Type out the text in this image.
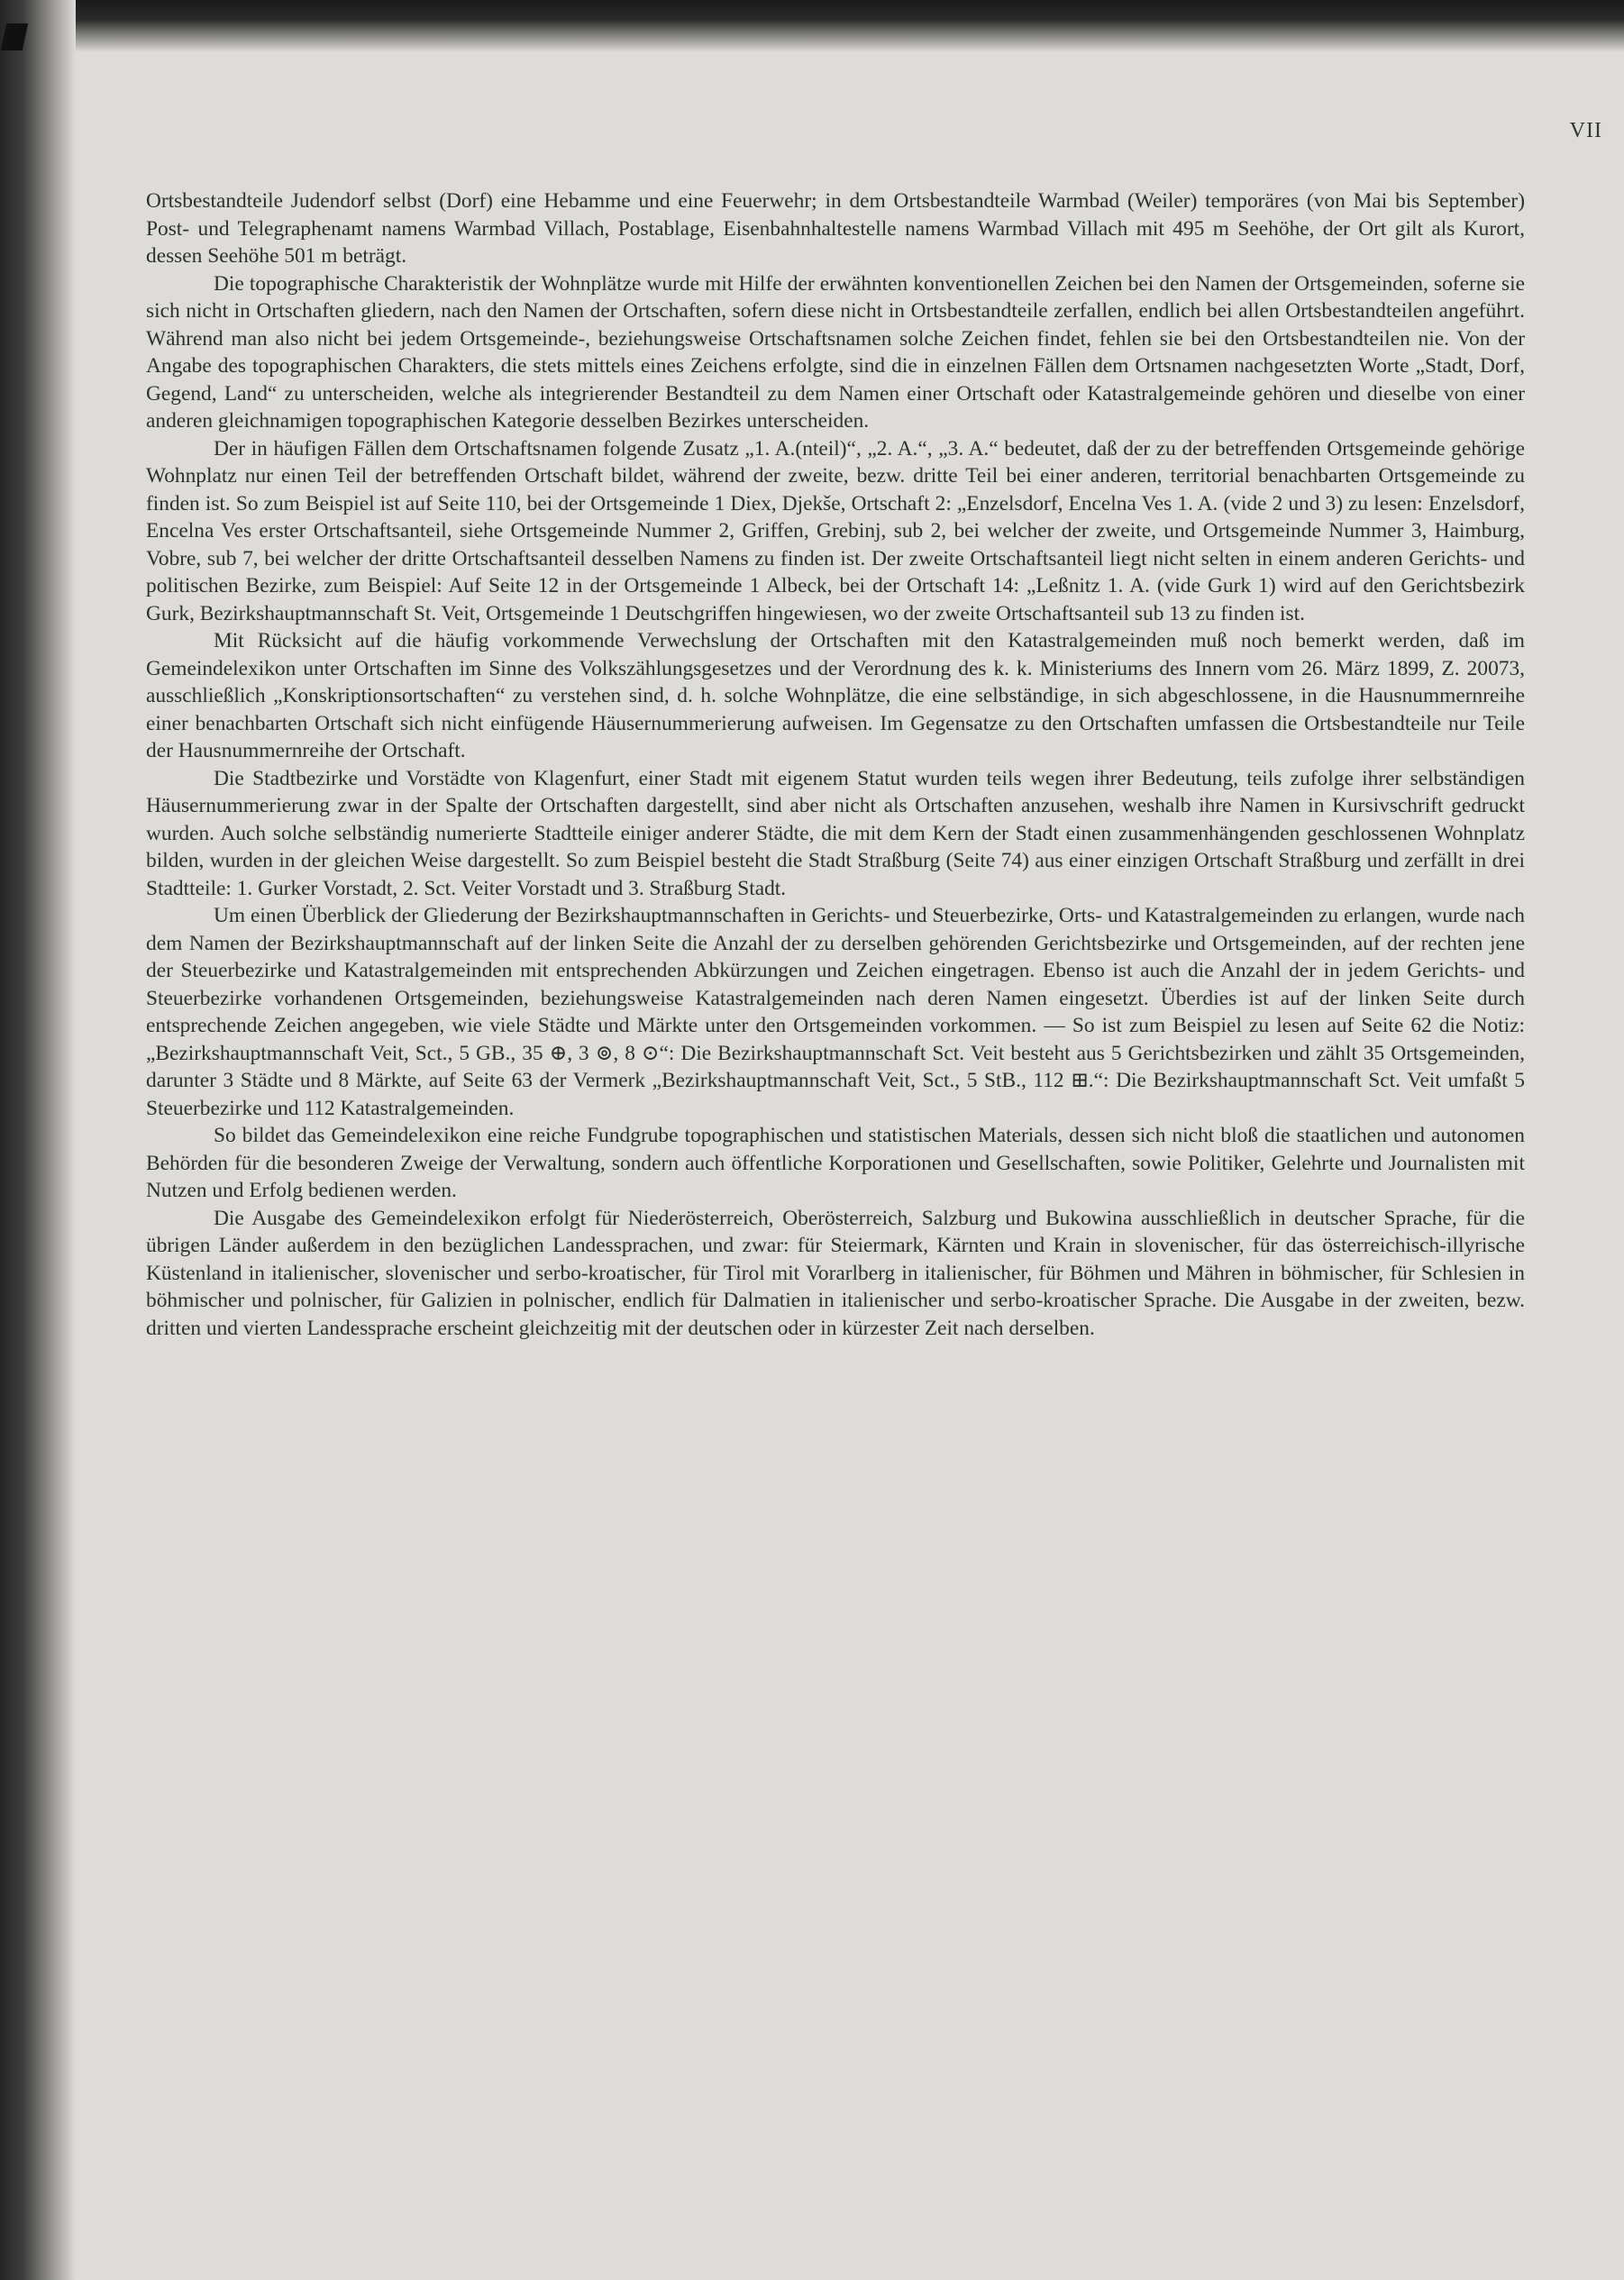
VII

Ortsbestandteile Judendorf selbst (Dorf) eine Hebamme und eine Feuerwehr; in dem Ortsbestandteile Warmbad (Weiler) temporäres (von Mai bis September) Post- und Telegraphenamt namens Warmbad Villach, Postablage, Eisenbahnhaltestelle namens Warmbad Villach mit 495 m Seehöhe, der Ort gilt als Kurort, dessen Seehöhe 501 m beträgt.

Die topographische Charakteristik der Wohnplätze wurde mit Hilfe der erwähnten konventionellen Zeichen bei den Namen der Ortsgemeinden, soferne sie sich nicht in Ortschaften gliedern, nach den Namen der Ortschaften, sofern diese nicht in Ortsbestandteile zerfallen, endlich bei allen Ortsbestandteilen angeführt. Während man also nicht bei jedem Ortsgemeinde-, beziehungsweise Ortschaftsnamen solche Zeichen findet, fehlen sie bei den Ortsbestandteilen nie. Von der Angabe des topographischen Charakters, die stets mittels eines Zeichens erfolgte, sind die in einzelnen Fällen dem Ortsnamen nachgesetzten Worte „Stadt, Dorf, Gegend, Land“ zu unterscheiden, welche als integrierender Bestandteil zu dem Namen einer Ortschaft oder Katastralgemeinde gehören und dieselbe von einer anderen gleichnamigen topographischen Kategorie desselben Bezirkes unterscheiden.

Der in häufigen Fällen dem Ortschaftsnamen folgende Zusatz „1. A.(nteil)“, „2. A.“, „3. A.“ bedeutet, daß der zu der betreffenden Ortsgemeinde gehörige Wohnplatz nur einen Teil der betreffenden Ortschaft bildet, während der zweite, bezw. dritte Teil bei einer anderen, territorial benachbarten Ortsgemeinde zu finden ist. So zum Beispiel ist auf Seite 110, bei der Ortsgemeinde 1 Diex, Djekše, Ortschaft 2: „Enzelsdorf, Encelna Ves 1. A. (vide 2 und 3) zu lesen: Enzelsdorf, Encelna Ves erster Ortschaftsanteil, siehe Ortsgemeinde Nummer 2, Griffen, Grebinj, sub 2, bei welcher der zweite, und Ortsgemeinde Nummer 3, Haimburg, Vobre, sub 7, bei welcher der dritte Ortschaftsanteil desselben Namens zu finden ist. Der zweite Ortschaftsanteil liegt nicht selten in einem anderen Gerichts- und politischen Bezirke, zum Beispiel: Auf Seite 12 in der Ortsgemeinde 1 Albeck, bei der Ortschaft 14: „Leßnitz 1. A. (vide Gurk 1) wird auf den Gerichtsbezirk Gurk, Bezirkshauptmannschaft St. Veit, Ortsgemeinde 1 Deutschgriffen hingewiesen, wo der zweite Ortschaftsanteil sub 13 zu finden ist.

Mit Rücksicht auf die häufig vorkommende Verwechslung der Ortschaften mit den Katastralgemeinden muß noch bemerkt werden, daß im Gemeindelexikon unter Ortschaften im Sinne des Volkszählungsgesetzes und der Verordnung des k. k. Ministeriums des Innern vom 26. März 1899, Z. 20073, ausschließlich „Konskriptionsortschaften“ zu verstehen sind, d. h. solche Wohnplätze, die eine selbständige, in sich abgeschlossene, in die Hausnummernreihe einer benachbarten Ortschaft sich nicht einfügende Häusernummerierung aufweisen. Im Gegensatze zu den Ortschaften umfassen die Ortsbestandteile nur Teile der Hausnummernreihe der Ortschaft.

Die Stadtbezirke und Vorstädte von Klagenfurt, einer Stadt mit eigenem Statut wurden teils wegen ihrer Bedeutung, teils zufolge ihrer selbständigen Häusernummerierung zwar in der Spalte der Ortschaften dargestellt, sind aber nicht als Ortschaften anzusehen, weshalb ihre Namen in Kursivschrift gedruckt wurden. Auch solche selbständig numerierte Stadtteile einiger anderer Städte, die mit dem Kern der Stadt einen zusammenhängenden geschlossenen Wohnplatz bilden, wurden in der gleichen Weise dargestellt. So zum Beispiel besteht die Stadt Straßburg (Seite 74) aus einer einzigen Ortschaft Straßburg und zerfällt in drei Stadtteile: 1. Gurker Vorstadt, 2. Sct. Veiter Vorstadt und 3. Straßburg Stadt.

Um einen Überblick der Gliederung der Bezirkshauptmannschaften in Gerichts- und Steuerbezirke, Orts- und Katastralgemeinden zu erlangen, wurde nach dem Namen der Bezirkshauptmannschaft auf der linken Seite die Anzahl der zu derselben gehörenden Gerichtsbezirke und Ortsgemeinden, auf der rechten jene der Steuerbezirke und Katastralgemeinden mit entsprechenden Abkürzungen und Zeichen eingetragen. Ebenso ist auch die Anzahl der in jedem Gerichts- und Steuerbezirke vorhandenen Ortsgemeinden, beziehungsweise Katastralgemeinden nach deren Namen eingesetzt. Überdies ist auf der linken Seite durch entsprechende Zeichen angegeben, wie viele Städte und Märkte unter den Ortsgemeinden vorkommen. — So ist zum Beispiel zu lesen auf Seite 62 die Notiz: „Bezirkshauptmannschaft Veit, Sct., 5 GB., 35 ⊕, 3 ⊚, 8 ⊙“: Die Bezirkshauptmannschaft Sct. Veit besteht aus 5 Gerichtsbezirken und zählt 35 Ortsgemeinden, darunter 3 Städte und 8 Märkte, auf Seite 63 der Vermerk „Bezirkshauptmannschaft Veit, Sct., 5 StB., 112 ⊞.“: Die Bezirkshauptmannschaft Sct. Veit umfaßt 5 Steuerbezirke und 112 Katastralgemeinden.

So bildet das Gemeindelexikon eine reiche Fundgrube topographischen und statistischen Materials, dessen sich nicht bloß die staatlichen und autonomen Behörden für die besonderen Zweige der Verwaltung, sondern auch öffentliche Korporationen und Gesellschaften, sowie Politiker, Gelehrte und Journalisten mit Nutzen und Erfolg bedienen werden.

Die Ausgabe des Gemeindelexikon erfolgt für Niederösterreich, Oberösterreich, Salzburg und Bukowina ausschließlich in deutscher Sprache, für die übrigen Länder außerdem in den bezüglichen Landessprachen, und zwar: für Steiermark, Kärnten und Krain in slovenischer, für das österreichisch-illyrische Küstenland in italienischer, slovenischer und serbo-kroatischer, für Tirol mit Vorarlberg in italienischer, für Böhmen und Mähren in böhmischer, für Schlesien in böhmischer und polnischer, für Galizien in polnischer, endlich für Dalmatien in italienischer und serbo-kroatischer Sprache. Die Ausgabe in der zweiten, bezw. dritten und vierten Landessprache erscheint gleichzeitig mit der deutschen oder in kürzester Zeit nach derselben.
